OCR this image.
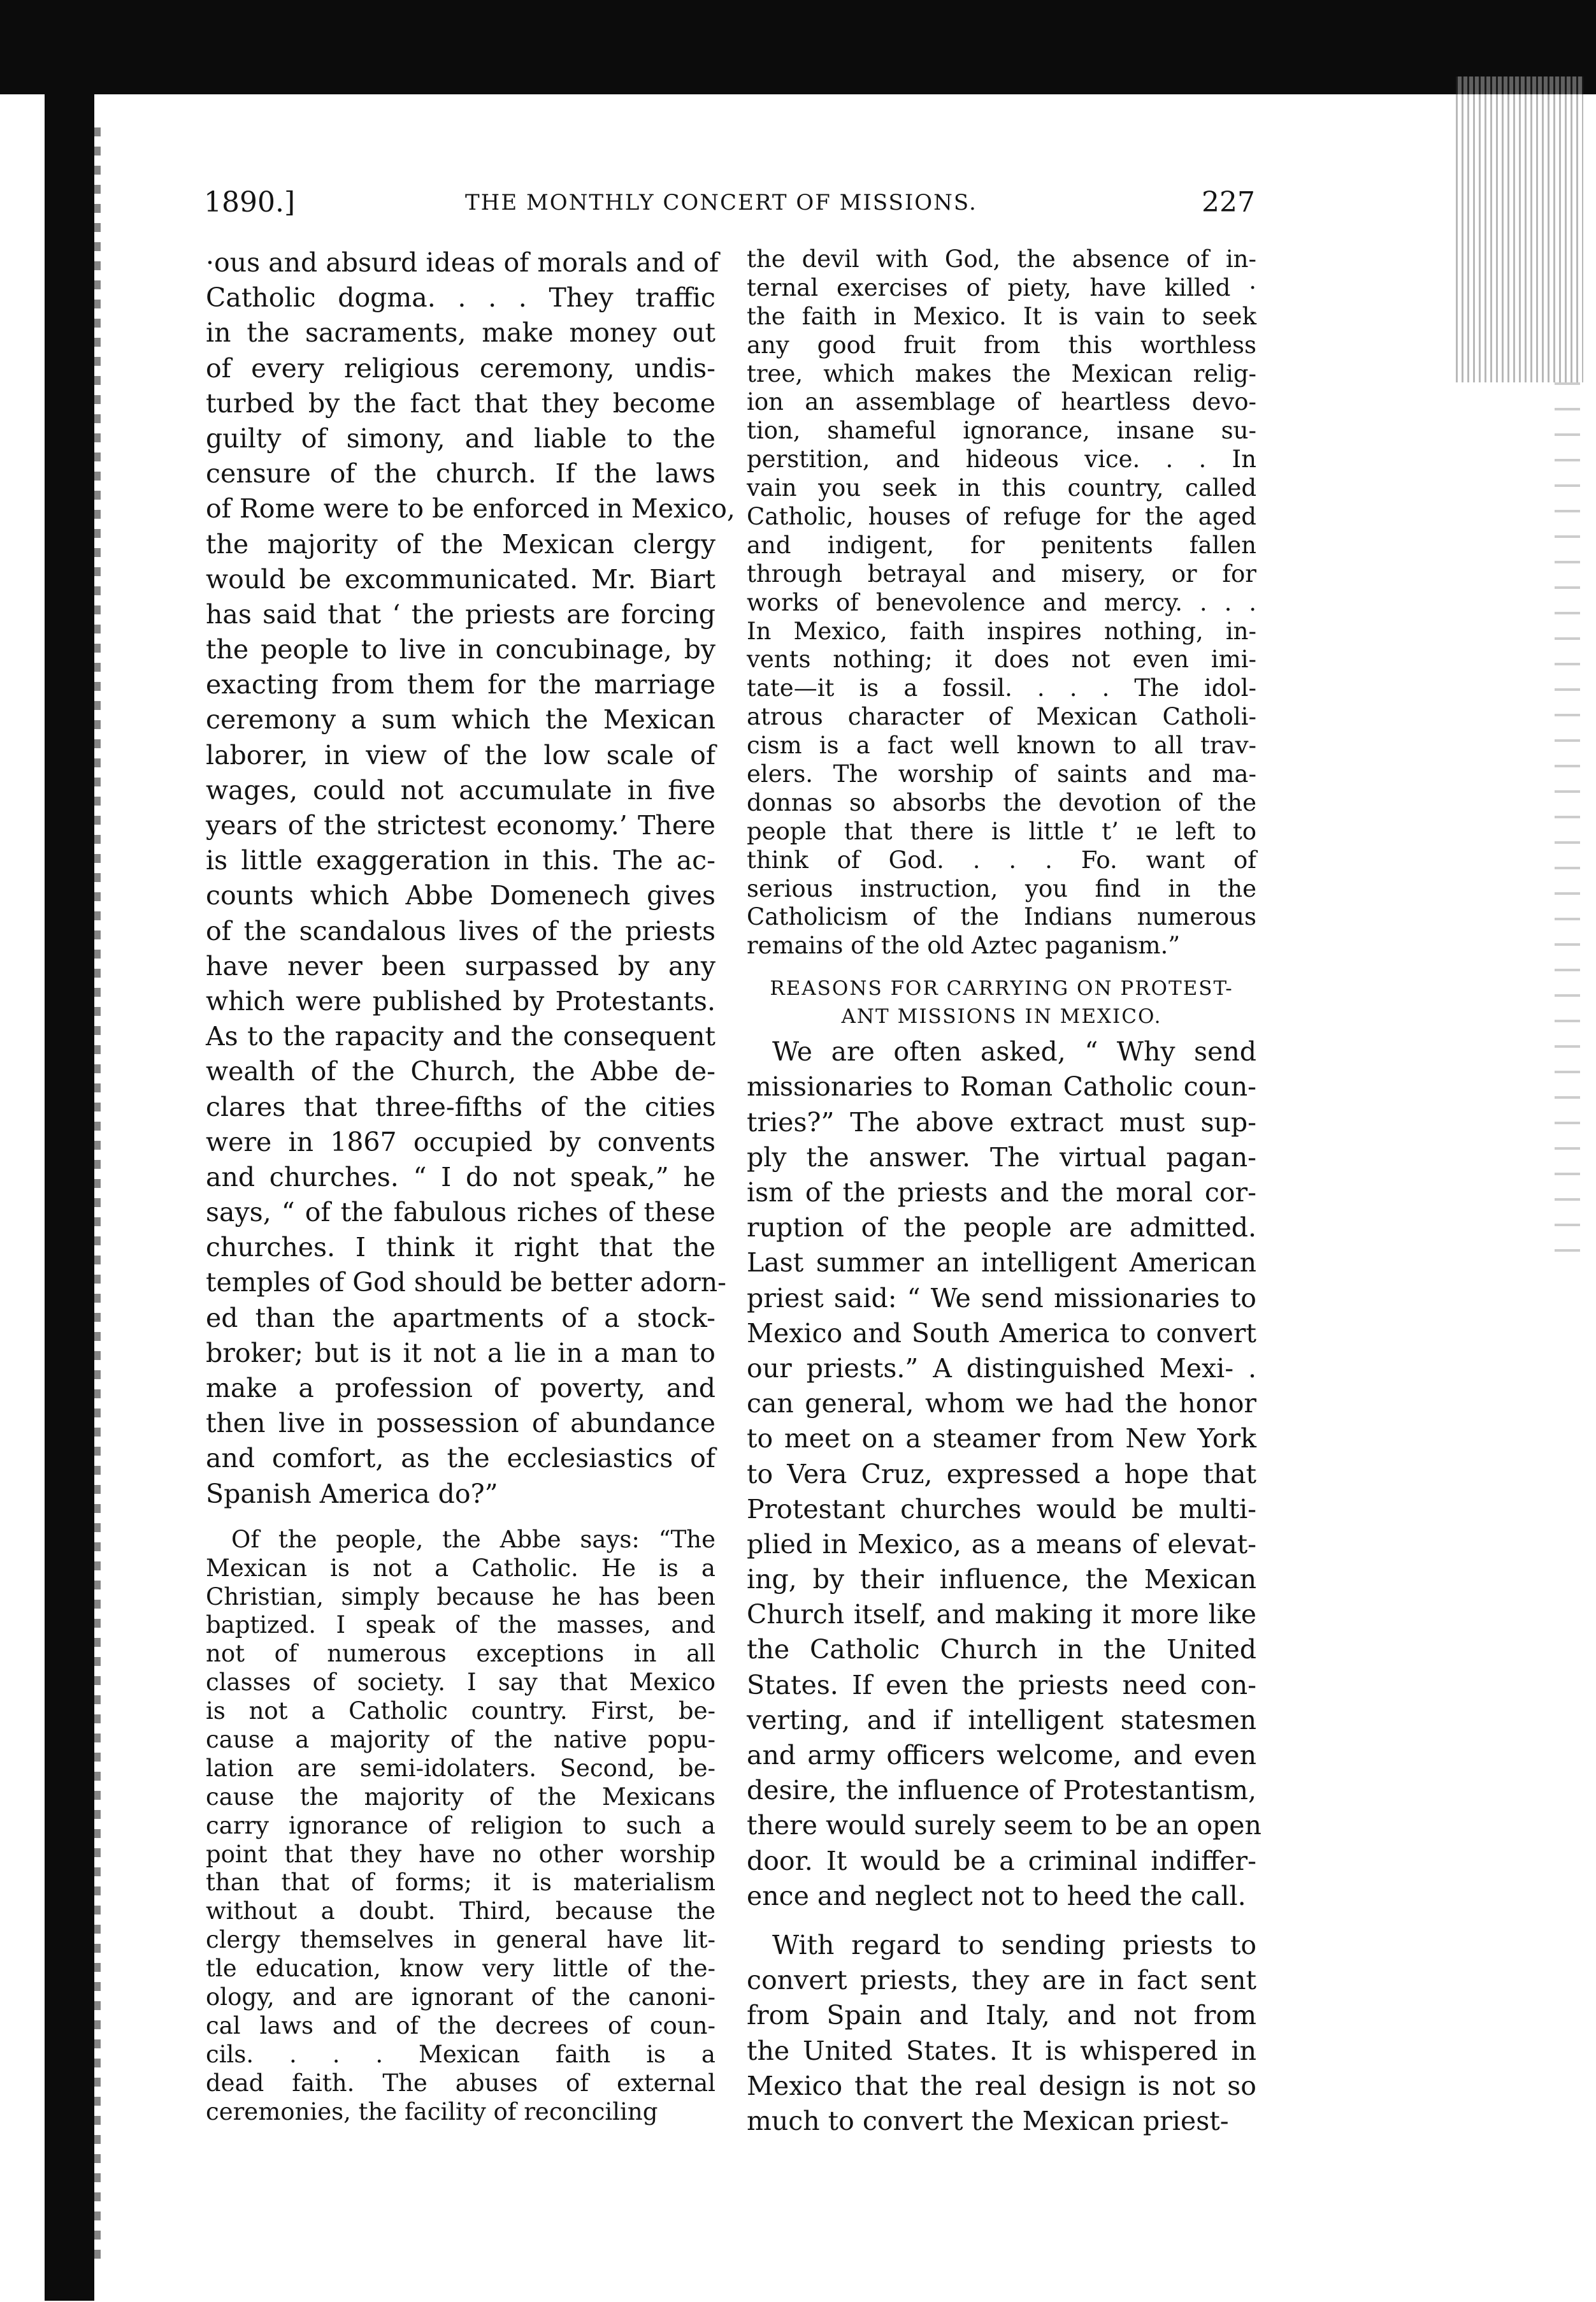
1890.]	THE MONTHLY CONCERT OF MISSIONS.	227
·ous and absurd ideas of morals and of
Catholic dogma. . . . They traffic
in the sacraments, make money out
of every religious ceremony, undis-
turbed by the fact that they become
guilty of simony, and liable to the
censure of the church. If the laws
of Rome were to be enforced in Mexico,
the majority of the Mexican clergy
would be excommunicated. Mr. Biart
has said that ‘ the priests are forcing
the people to live in concubinage, by
exacting from them for the marriage
ceremony a sum which the Mexican
laborer, in view of the low scale of
wages, could not accumulate in five
years of the strictest economy.’ There
is little exaggeration in this. The ac-
counts which Abbe Domenech gives
of the scandalous lives of the priests
have never been surpassed by any
which were published by Protestants.
As to the rapacity and the consequent
wealth of the Church, the Abbe de-
clares that three-fifths of the cities
were in 1867 occupied by convents
and churches. “ I do not speak,” he
says, “ of the fabulous riches of these
churches. I think it right that the
temples of God should be better adorn-
ed than the apartments of a stock-
broker; but is it not a lie in a man to
make a profession of poverty, and
then live in possession of abundance
and comfort, as the ecclesiastics of
Spanish America do?”
Of the people, the Abbe says: “The
Mexican is not a Catholic. He is a
Christian, simply because he has been
baptized. I speak of the masses, and
not of numerous exceptions in all
classes of society. I say that Mexico
is not a Catholic country. First, be-
cause a majority of the native popu-
lation are semi-idolaters. Second, be-
cause the majority of the Mexicans
carry ignorance of religion to such a
point that they have no other worship
than that of forms; it is materialism
without a doubt. Third, because the
clergy themselves in general have lit-
tle education, know very little of the-
ology, and are ignorant of the canoni-
cal laws and of the decrees of coun-
cils. . . . Mexican faith is a
dead faith. The abuses of external
ceremonies, the facility of reconciling
the devil with God, the absence of in-
ternal exercises of piety, have killed ·
the faith in Mexico. It is vain to seek
any good fruit from this worthless
tree, which makes the Mexican relig-
ion an assemblage of heartless devo-
tion, shameful ignorance, insane su-
perstition, and hideous vice. . . In
vain you seek in this country, called
Catholic, houses of refuge for the aged
and indigent, for penitents fallen
through betrayal and misery, or for
works of benevolence and mercy. . . .
In Mexico, faith inspires nothing, in-
vents nothing; it does not even imi-
tate—it is a fossil. . . . The idol-
atrous character of Mexican Catholi-
cism is a fact well known to all trav-
elers. The worship of saints and ma-
donnas so absorbs the devotion of the
people that there is little t’ ıe left to
think of God. . . . Fo. want of
serious instruction, you find in the
Catholicism of the Indians numerous
remains of the old Aztec paganism.”
REASONS FOR CARRYING ON PROTEST-
ANT MISSIONS IN MEXICO.
We are often asked, “ Why send
missionaries to Roman Catholic coun-
tries?” The above extract must sup-
ply the answer. The virtual pagan-
ism of the priests and the moral cor-
ruption of the people are admitted.
Last summer an intelligent American
priest said: “ We send missionaries to
Mexico and South America to convert
our priests.” A distinguished Mexi- .
can general, whom we had the honor
to meet on a steamer from New York
to Vera Cruz, expressed a hope that
Protestant churches would be multi-
plied in Mexico, as a means of elevat-
ing, by their influence, the Mexican
Church itself, and making it more like
the Catholic Church in the United
States. If even the priests need con-
verting, and if intelligent statesmen
and army officers welcome, and even
desire, the influence of Protestantism,
there would surely seem to be an open
door. It would be a criminal indiffer-
ence and neglect not to heed the call.
With regard to sending priests to
convert priests, they are in fact sent
from Spain and Italy, and not from
the United States. It is whispered in
Mexico that the real design is not so
much to convert the Mexican priest-
